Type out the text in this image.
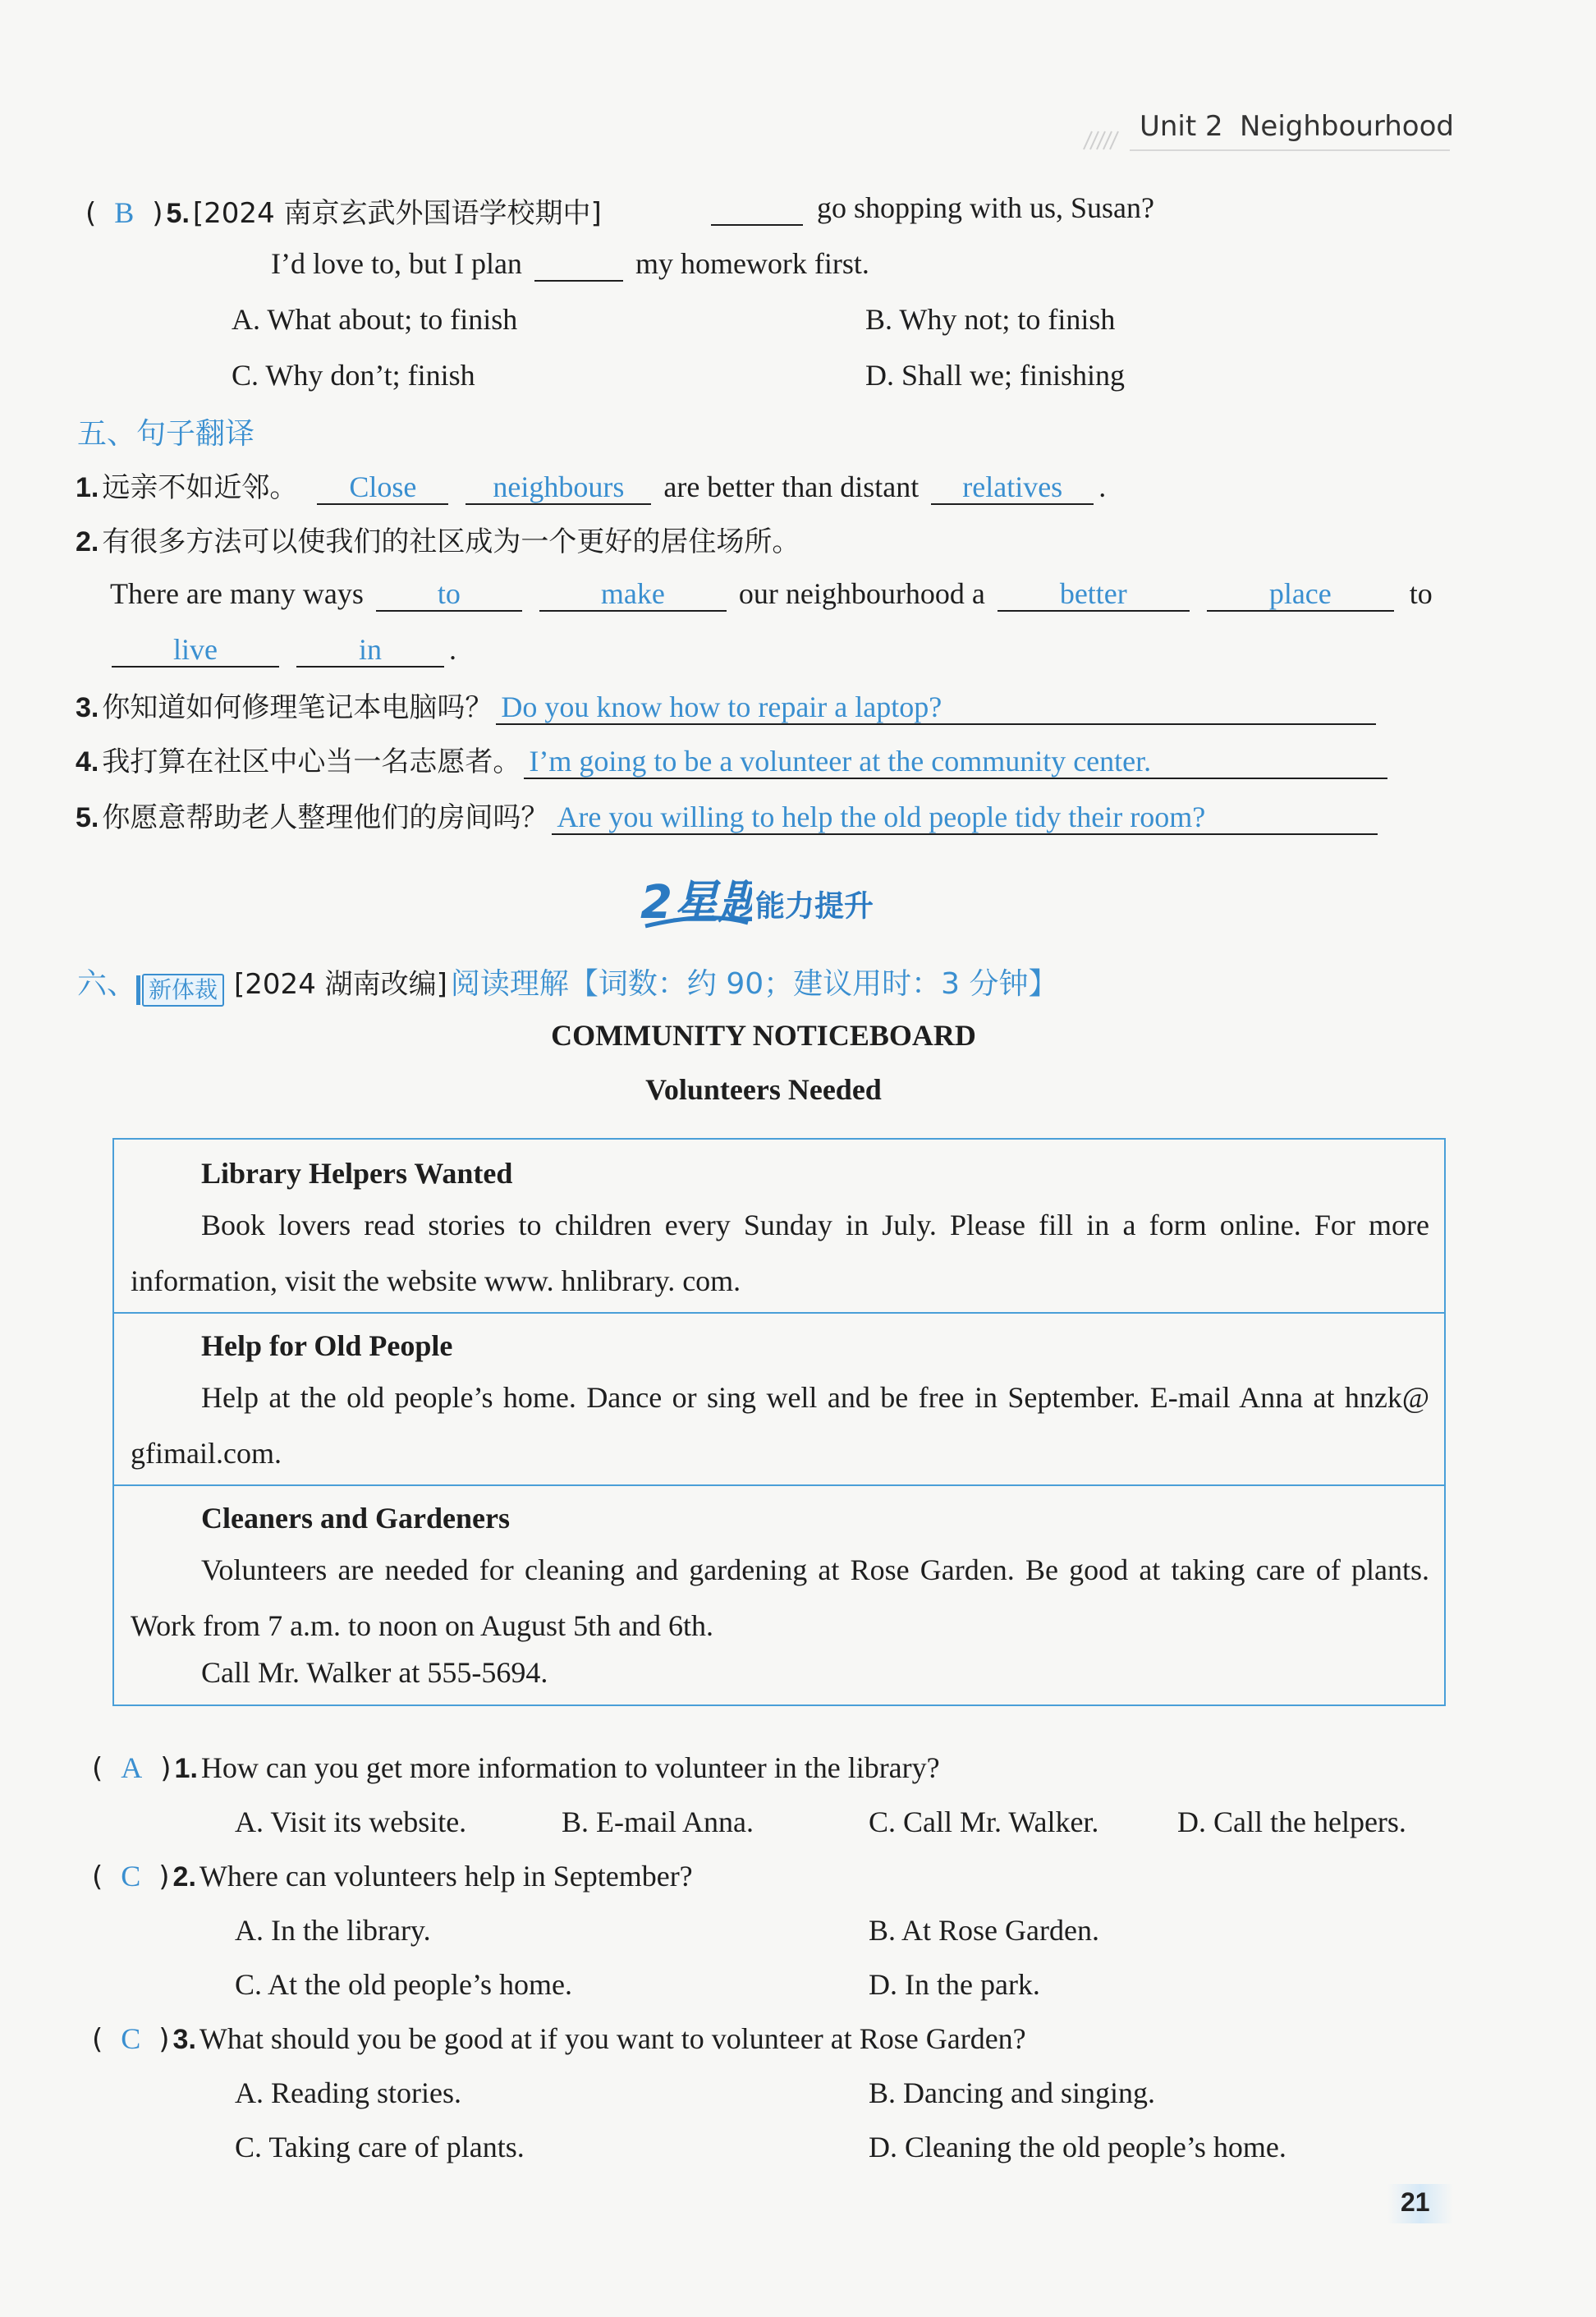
Unit 2 Neighbourhood
( B ) 5. [2024 南京玄武外国语学校期中]	go shopping with us, Susan?
I’d love to, but I plan	my homework first.
A. What about; to finish	B. Why not; to finish
C. Why don’t; finish	D. Shall we; finishing
五、句子翻译
1. 远亲不如近邻。 Close	neighbours are better than distant relatives .
2. 有很多方法可以使我们的社区成为一个更好的居住场所。
There are many ways to	make	our neighbourhood a	better	place	to
live	in .
3. 你知道如何修理笔记本电脑吗？ Do you know how to repair a laptop?
4. 我打算在社区中心当一名志愿者。 I’m going to be a volunteer at the community center.
5. 你愿意帮助老人整理他们的房间吗？ Are you willing to help the old people tidy their room?
2星题
能力提升
六、 新体裁 [2024 湖南改编] 阅读理解【词数：约 90；建议用时：3 分钟】
COMMUNITY NOTICEBOARD
Volunteers Needed
Library Helpers Wanted
Book lovers read stories to children every Sunday in July. Please fill in a form online. For more information, visit the website www. hnlibrary. com.
Help for Old People
Help at the old people’s home. Dance or sing well and be free in September. E-mail Anna at hnzk@ gfimail.com.
Cleaners and Gardeners
Volunteers are needed for cleaning and gardening at Rose Garden. Be good at taking care of plants. Work from 7 a.m. to noon on August 5th and 6th.
Call Mr. Walker at 555-5694.
( A ) 1. How can you get more information to volunteer in the library?
A. Visit its website.	B. E-mail Anna.	C. Call Mr. Walker.	D. Call the helpers.
( C ) 2. Where can volunteers help in September?
A. In the library.	B. At Rose Garden.
C. At the old people’s home.	D. In the park.
( C ) 3. What should you be good at if you want to volunteer at Rose Garden?
A. Reading stories.	B. Dancing and singing.
C. Taking care of plants.	D. Cleaning the old people’s home.
21
